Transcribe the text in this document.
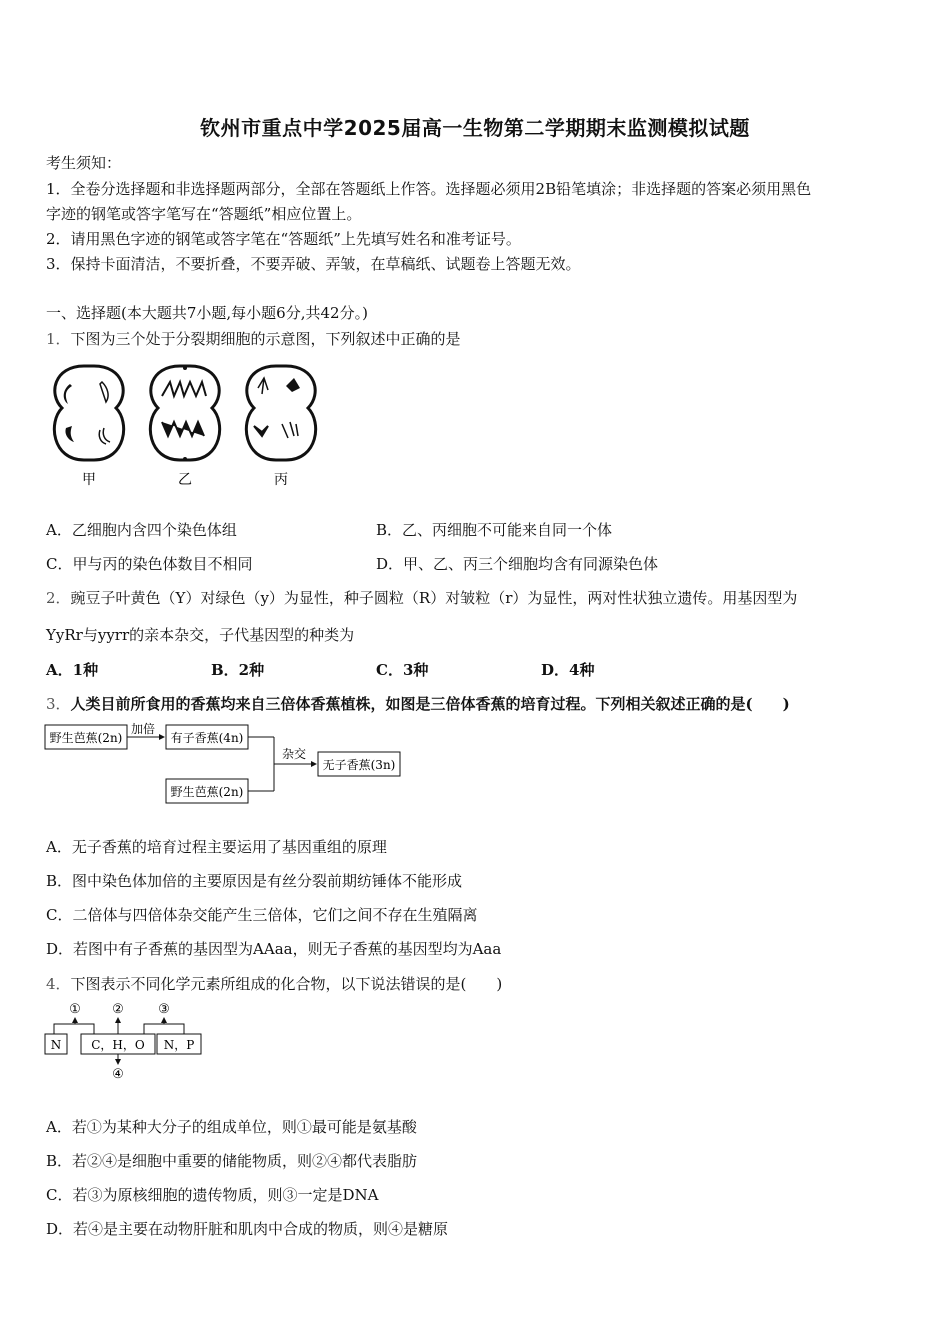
钦州市重点中学2025届高一生物第二学期期末监测模拟试题
考生须知：
1．全卷分选择题和非选择题两部分，全部在答题纸上作答。选择题必须用2B铅笔填涂；非选择题的答案必须用黑色
字迹的钢笔或答字笔写在“答题纸”相应位置上。
2．请用黑色字迹的钢笔或答字笔在“答题纸”上先填写姓名和准考证号。
3．保持卡面清洁，不要折叠，不要弄破、弄皱，在草稿纸、试题卷上答题无效。
一、选择题(本大题共7小题,每小题6分,共42分。)
1．下图为三个处于分裂期细胞的示意图，下列叙述中正确的是
甲	乙	丙
A．乙细胞内含四个染色体组	B．乙、丙细胞不可能来自同一个体
C．甲与丙的染色体数目不相同	D．甲、乙、丙三个细胞均含有同源染色体
2．豌豆子叶黄色（Y）对绿色（y）为显性，种子圆粒（R）对皱粒（r）为显性，两对性状独立遗传。用基因型为
YyRr与yyrr的亲本杂交，子代基因型的种类为
A．1种	B．2种	C．3种	D．4种
3．人类目前所食用的香蕉均来自三倍体香蕉植株，如图是三倍体香蕉的培育过程。下列相关叙述正确的是(　　)
野生芭蕉(2n)
加倍
有子香蕉(4n)
野生芭蕉(2n)
杂交
无子香蕉(3n)
A．无子香蕉的培育过程主要运用了基因重组的原理
B．图中染色体加倍的主要原因是有丝分裂前期纺锤体不能形成
C．二倍体与四倍体杂交能产生三倍体，它们之间不存在生殖隔离
D．若图中有子香蕉的基因型为AAaa，则无子香蕉的基因型均为Aaa
4．下图表示不同化学元素所组成的化合物，以下说法错误的是(　　)
① ②	③
N	C，H，O N，P
④
A．若①为某种大分子的组成单位，则①最可能是氨基酸
B．若②④是细胞中重要的储能物质，则②④都代表脂肪
C．若③为原核细胞的遗传物质，则③一定是DNA
D．若④是主要在动物肝脏和肌肉中合成的物质，则④是糖原
